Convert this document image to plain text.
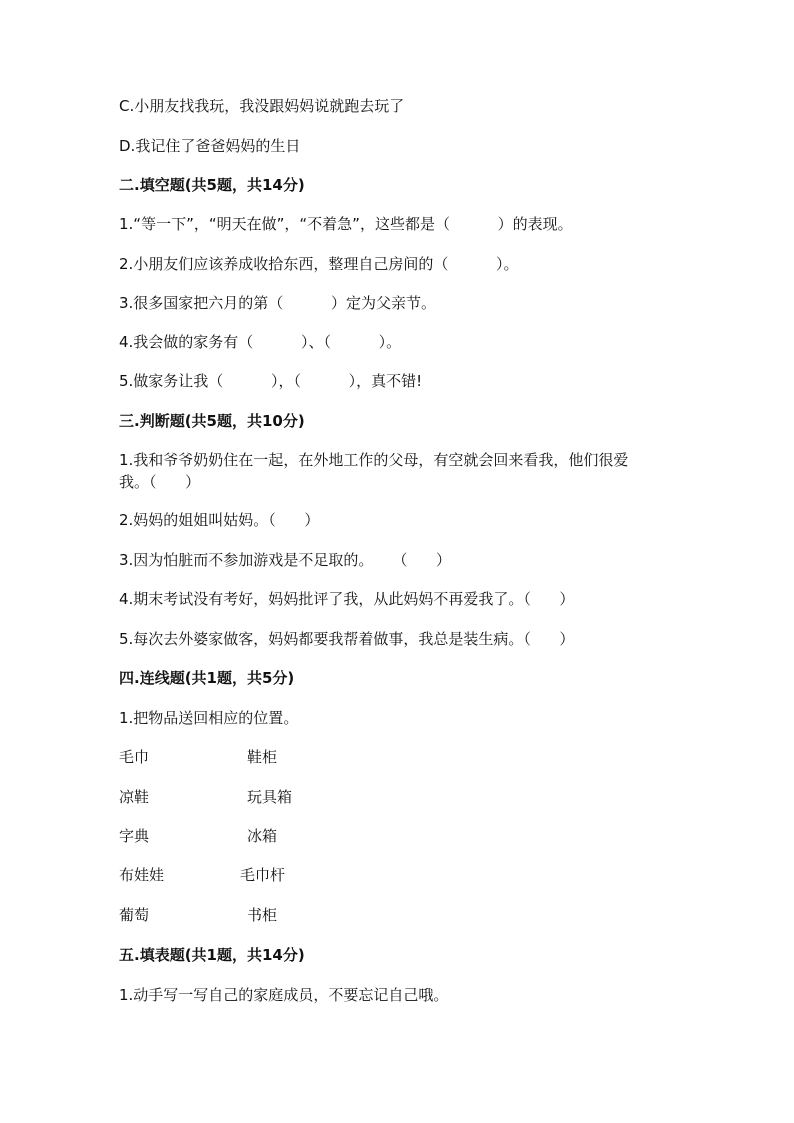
C.小朋友找我玩，我没跟妈妈说就跑去玩了

D.我记住了爸爸妈妈的生日

二.填空题(共5题，共14分)

1.“等一下”，“明天在做”，“不着急”，这些都是（          ）的表现。

2.小朋友们应该养成收拾东西，整理自己房间的（          ）。

3.很多国家把六月的第（          ）定为父亲节。

4.我会做的家务有（          ）、（          ）。

5.做家务让我（          ），（          ），真不错!

三.判断题(共5题，共10分)

1.我和爷爷奶奶住在一起，在外地工作的父母，有空就会回来看我，他们很爱

我。（      ）

2.妈妈的姐姐叫姑妈。（      ）

3.因为怕脏而不参加游戏是不足取的。    （      ）

4.期末考试没有考好，妈妈批评了我，从此妈妈不再爱我了。（      ）

5.每次去外婆家做客，妈妈都要我帮着做事，我总是装生病。（      ）

四.连线题(共1题，共5分)

1.把物品送回相应的位置。

毛巾	鞋柜
凉鞋	玩具箱
字典	冰箱
布娃娃	毛巾杆
葡萄	书柜

五.填表题(共1题，共14分)

1.动手写一写自己的家庭成员，不要忘记自己哦。
